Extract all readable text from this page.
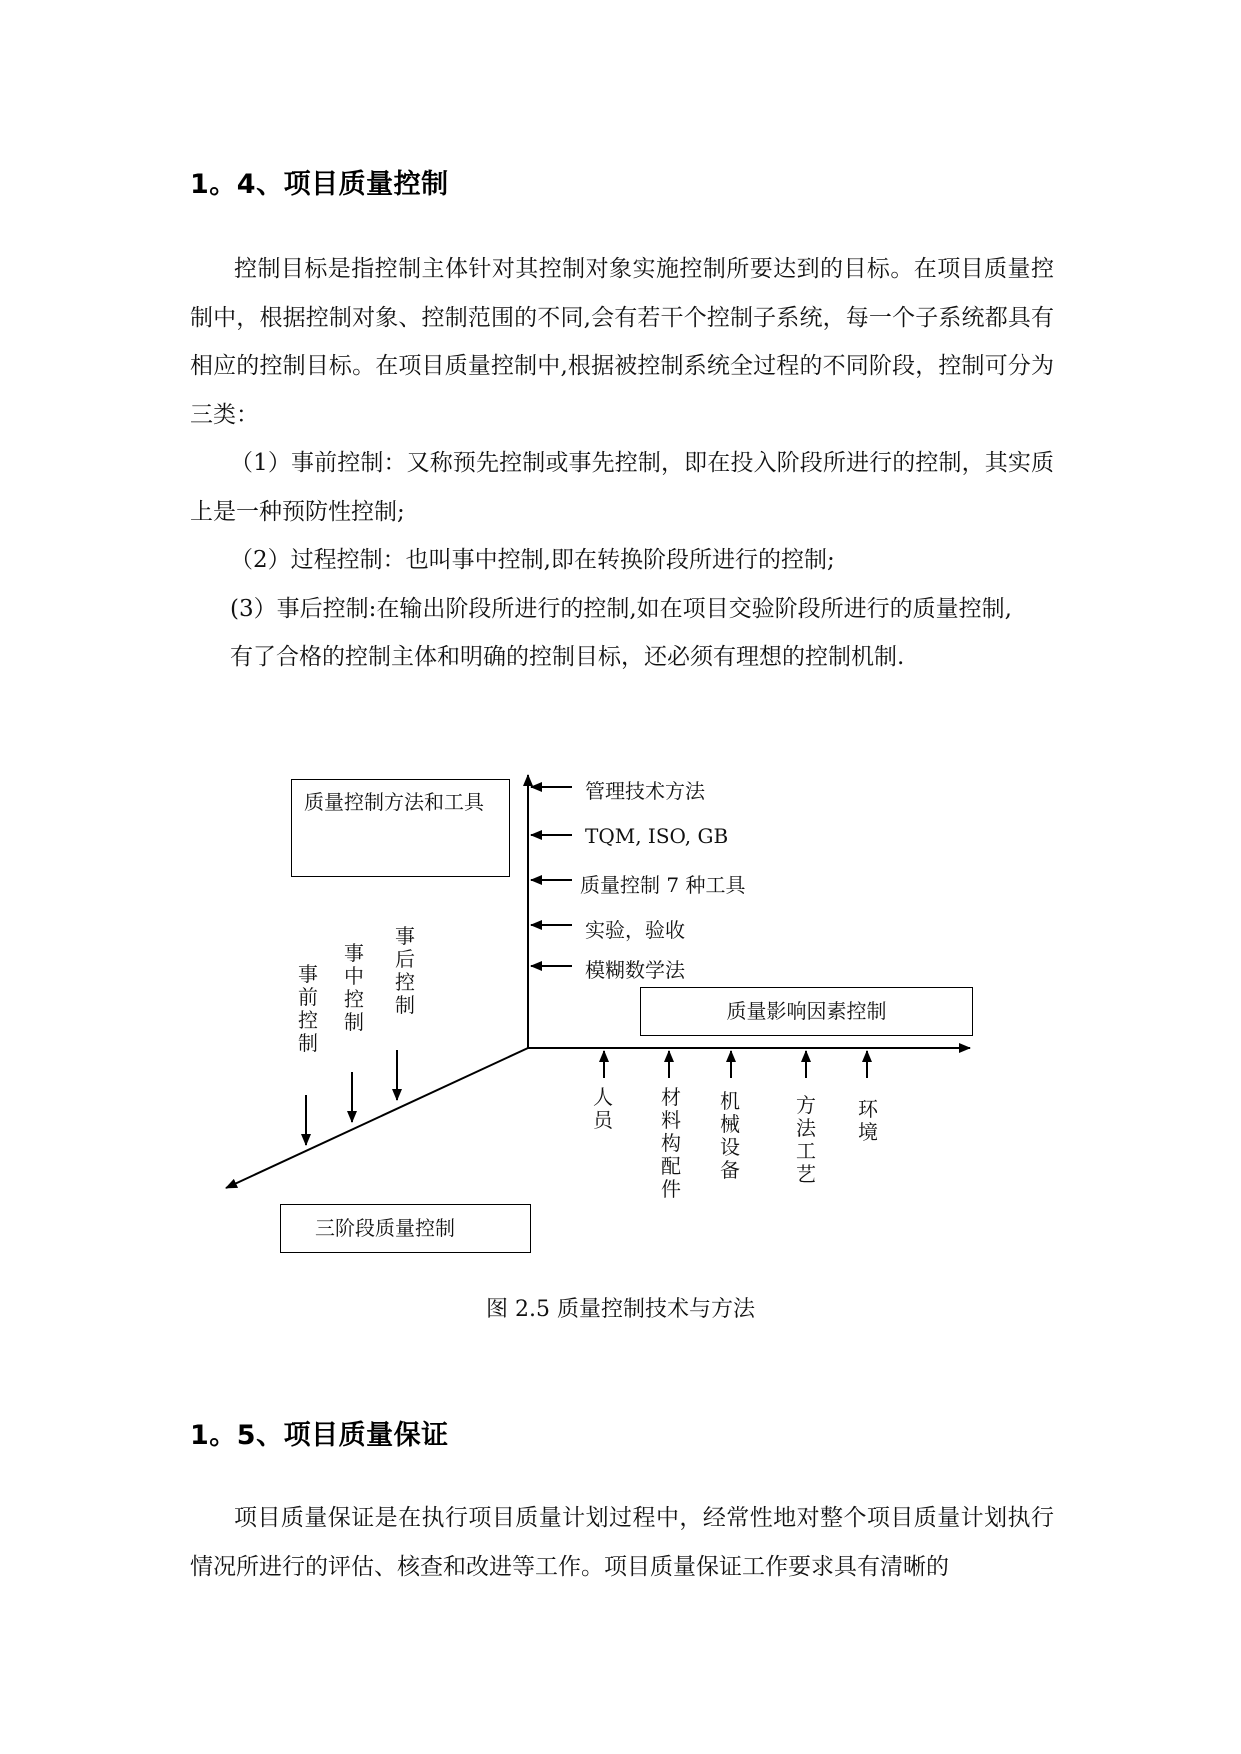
1。4、项目质量控制

控制目标是指控制主体针对其控制对象实施控制所要达到的目标。在项目质量控制中，根据控制对象、控制范围的不同,会有若干个控制子系统，每一个子系统都具有相应的控制目标。在项目质量控制中,根据被控制系统全过程的不同阶段，控制可分为三类：

（1）事前控制：又称预先控制或事先控制，即在投入阶段所进行的控制，其实质上是一种预防性控制;

（2）过程控制：也叫事中控制,即在转换阶段所进行的控制;

(3）事后控制:在输出阶段所进行的控制,如在项目交验阶段所进行的质量控制,

有了合格的控制主体和明确的控制目标，还必须有理想的控制机制.

质量控制方法和工具	管理技术方法
TQM, ISO, GB
质量控制 7 种工具
实验，验收
模糊数学法
质量影响因素控制
人员
材料构配件
机械设备
方法工艺
环境
事前控制
事中控制
事后控制
三阶段质量控制
图 2.5 质量控制技术与方法
1。5、项目质量保证

项目质量保证是在执行项目质量计划过程中，经常性地对整个项目质量计划执行情况所进行的评估、核查和改进等工作。项目质量保证工作要求具有清晰的
